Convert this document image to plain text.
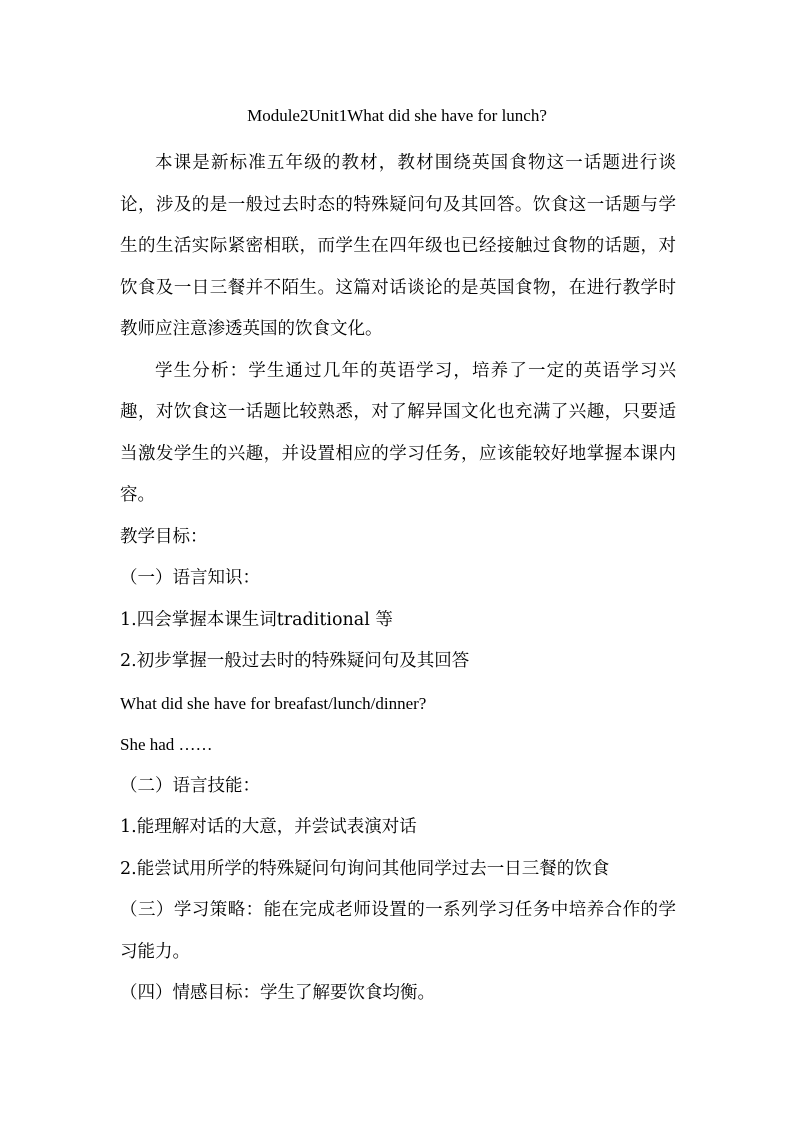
Module2Unit1What did she have for lunch?

本课是新标准五年级的教材，教材围绕英国食物这一话题进行谈论，涉及的是一般过去时态的特殊疑问句及其回答。饮食这一话题与学生的生活实际紧密相联，而学生在四年级也已经接触过食物的话题，对饮食及一日三餐并不陌生。这篇对话谈论的是英国食物，在进行教学时教师应注意渗透英国的饮食文化。

学生分析：学生通过几年的英语学习，培养了一定的英语学习兴趣，对饮食这一话题比较熟悉，对了解异国文化也充满了兴趣，只要适当激发学生的兴趣，并设置相应的学习任务，应该能较好地掌握本课内容。

教学目标：

（一）语言知识：

1.四会掌握本课生词traditional 等

2.初步掌握一般过去时的特殊疑问句及其回答

What did she have for breafast/lunch/dinner?

She had ……

（二）语言技能：

1.能理解对话的大意，并尝试表演对话

2.能尝试用所学的特殊疑问句询问其他同学过去一日三餐的饮食

（三）学习策略：能在完成老师设置的一系列学习任务中培养合作的学习能力。

（四）情感目标：学生了解要饮食均衡。
